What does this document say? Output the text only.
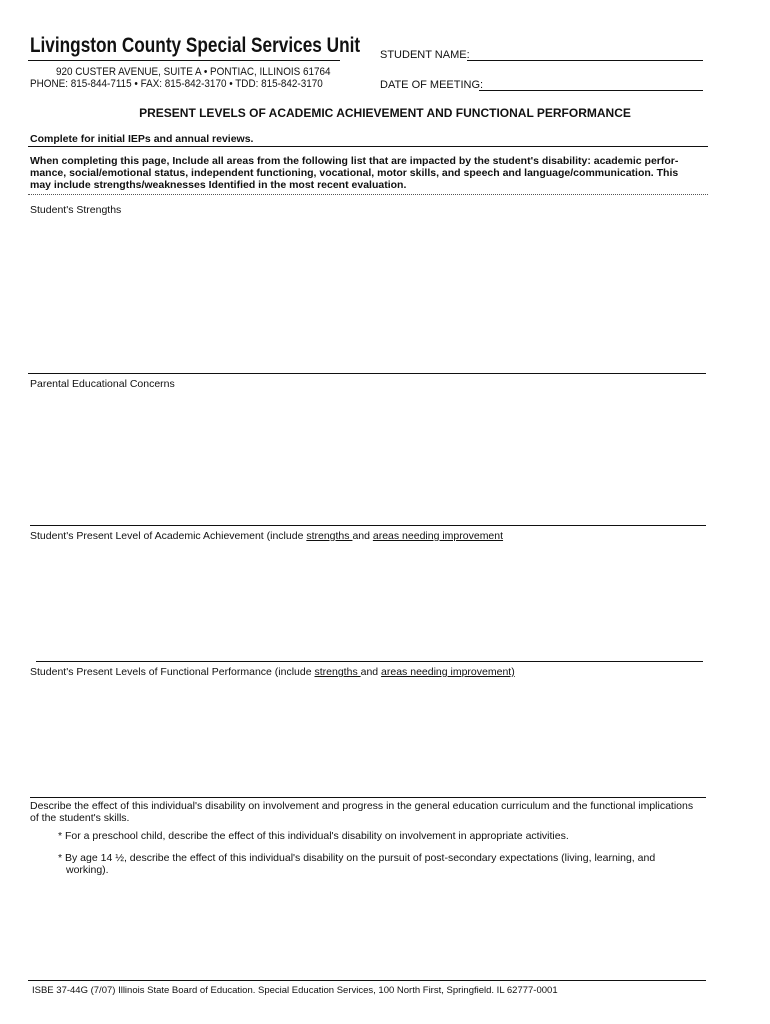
Livingston County Special Services Unit
920 CUSTER AVENUE, SUITE A • PONTIAC, ILLINOIS 61764
PHONE: 815-844-7115 • FAX: 815-842-3170 • TDD: 815-842-3170
STUDENT NAME:
DATE OF MEETING:
PRESENT LEVELS OF ACADEMIC ACHIEVEMENT AND FUNCTIONAL PERFORMANCE
Complete for initial IEPs and annual reviews.
When completing this page, Include all areas from the following list that are impacted by the student's disability: academic perfor-
mance, social/emotional status, independent functioning, vocational, motor skills, and speech and language/communication. This
may include strengths/weaknesses Identified in the most recent evaluation.
Student's Strengths
Parental Educational Concerns
Student's Present Level of Academic Achievement (include strengths and areas needing improvement
Student's Present Levels of Functional Performance (include strengths and areas needing improvement)
Describe the effect of this individual's disability on involvement and progress in the general education curriculum and the functional implications
of the student's skills.
* For a preschool child, describe the effect of this individual's disability on involvement in appropriate activities.
* By age 14 ½, describe the effect of this individual's disability on the pursuit of post-secondary expectations (living, learning, and
working).
ISBE 37-44G (7/07) Illinois State Board of Education. Special Education Services, 100 North First, Springfield. IL 62777-0001
